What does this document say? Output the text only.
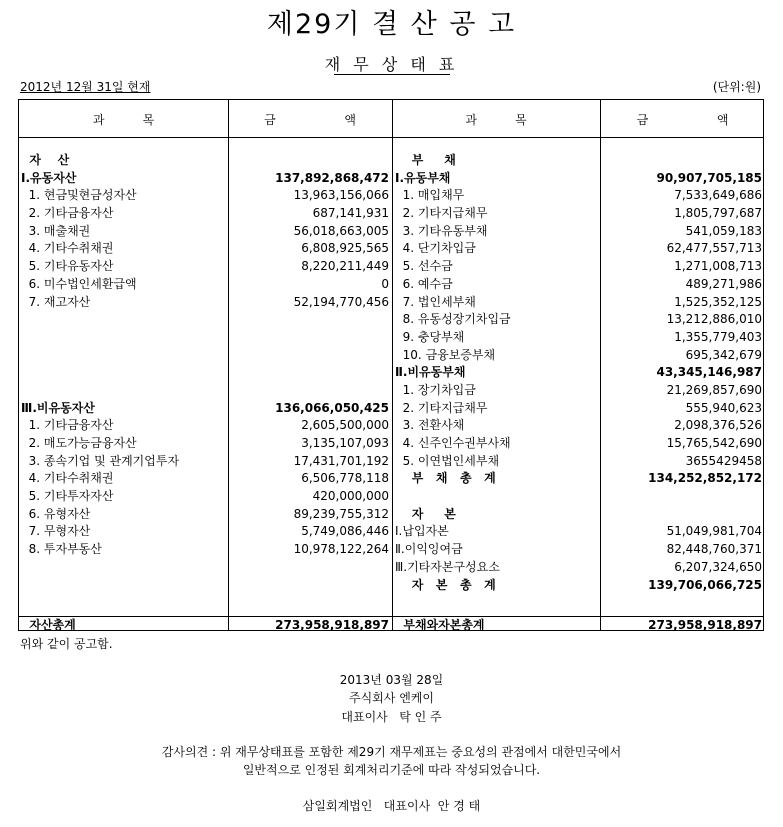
제29기 결 산 공 고
재 무 상 태 표
2012년 12월 31일 현재	(단위:원)
과          목	금                  액	과          목	금                  액
자    산
Ⅰ.유동자산	137,892,868,472
1. 현금및현금성자산	13,963,156,066
2. 기타금융자산	687,141,931
3. 매출채권	56,018,663,005
4. 기타수취채권	6,808,925,565
5. 기타유동자산	8,220,211,449
6. 미수법인세환급액	0
7. 재고자산	52,194,770,456
Ⅲ.비유동자산	136,066,050,425
1. 기타금융자산	2,605,500,000
2. 매도가능금융자산	3,135,107,093
3. 종속기업 및 관계기업투자	17,431,701,192
4. 기타수취채권	6,506,778,118
5. 기타투자자산	420,000,000
6. 유형자산	89,239,755,312
7. 무형자산	5,749,086,446
8. 투자부동산	10,978,122,264
부     채
Ⅰ.유동부채	90,907,705,185
1. 매입채무	7,533,649,686
2. 기타지급채무	1,805,797,687
3. 기타유동부채	541,059,183
4. 단기차입금	62,477,557,713
5. 선수금	1,271,008,713
6. 예수금	489,271,986
7. 법인세부채	1,525,352,125
8. 유동성장기차입금	13,212,886,010
9. 충당부채	1,355,779,403
10. 금융보증부채	695,342,679
Ⅱ.비유동부채	43,345,146,987
1. 장기차입금	21,269,857,690
2. 기타지급채무	555,940,623
3. 전환사채	2,098,376,526
4. 신주인수권부사채	15,765,542,690
5. 이연법인세부채	3655429458
부   채   총   계	134,252,852,172
자     본
Ⅰ.납입자본	51,049,981,704
Ⅱ.이익잉여금	82,448,760,371
Ⅲ.기타자본구성요소	6,207,324,650
자   본   총   계	139,706,066,725
자산총계	273,958,918,897 부채와자본총계	273,958,918,897
위와 같이 공고함.
2013년 03월 28일
주식회사 엔케이
대표이사   탁 인 주
감사의견 : 위 재무상태표를 포함한 제29기 재무제표는 중요성의 관점에서 대한민국에서
일반적으로 인정된 회계처리기준에 따라 작성되었습니다.
삼일회계법인   대표이사  안 경 태
